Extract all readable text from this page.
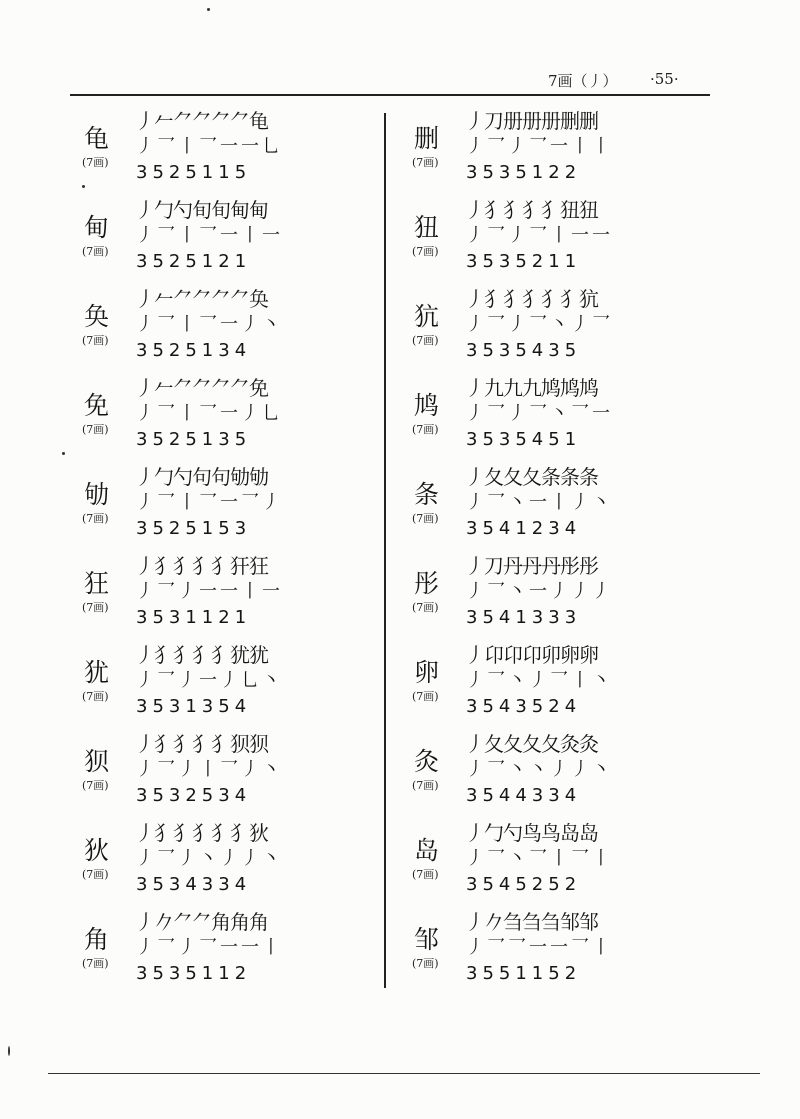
7画（丿） ·55·
龟
(7画)
丿𠂉⺈⺈⺈⺈龟
丿乛丨乛一一乚
3525115
甸
(7画)
丿勹勺旬旬甸甸
丿乛丨乛一丨一
3525121
奂
(7画)
丿𠂉⺈⺈⺈⺈奂
丿乛丨乛一丿丶
3525134
免
(7画)
丿𠂉⺈⺈⺈⺈免
丿乛丨乛一丿乚
3525135
劬
(7画)
丿勹勺句句劬劬
丿乛丨乛一乛丿
3525153
狂
(7画)
丿犭犭犭犭犴狂
丿乛丿一一丨一
3531121
犹
(7画)
丿犭犭犭犭犹犹
丿乛丿一丿乚丶
3531354
狈
(7画)
丿犭犭犭犭狈狈
丿乛丿丨乛丿丶
3532534
狄
(7画)
丿犭犭犭犭犭狄
丿乛丿丶丿丿丶
3534334
角
(7画)
丿𠂊⺈⺈角角角
丿乛丿乛一一丨
3535112
删
(7画)
丿刀册册册删删
丿乛丿乛一丨丨
3535122
狃
(7画)
丿犭犭犭犭狃狃
丿乛丿乛丨一一
3535211
犺
(7画)
丿犭犭犭犭犭犺
丿乛丿乛丶丿乛
3535435
鸠
(7画)
丿九九九鸠鸠鸠
丿乛丿乛丶乛一
3535451
条
(7画)
丿夂夂夂条条条
丿乛丶一丨丿丶
3541234
彤
(7画)
丿刀丹丹丹彤彤
丿乛丶一丿丿丿
3541333
卵
(7画)
丿卬卬卬卯卵卵
丿乛丶丿乛丨丶
3543524
灸
(7画)
丿夂夂夂夂灸灸
丿乛丶丶丿丿丶
3544334
岛
(7画)
丿勹勺鸟鸟岛岛
丿乛丶乛丨乛丨
3545252
邹
(7画)
丿𠂊刍刍刍邹邹
丿乛乛一一乛丨
3551152
